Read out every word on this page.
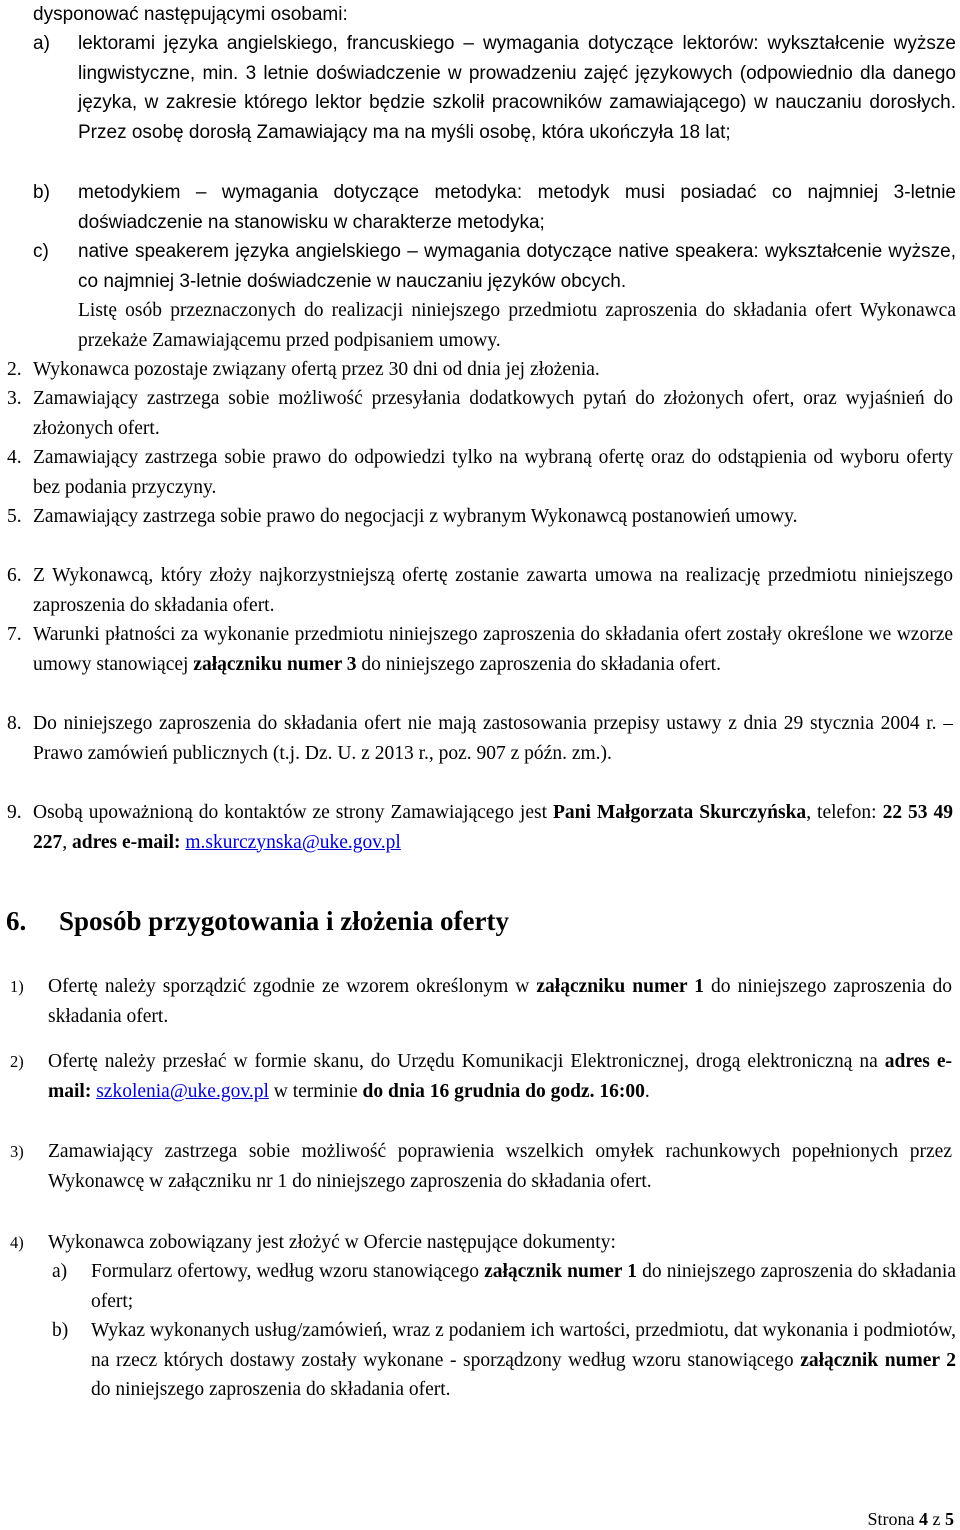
dysponować następującymi osobami:

a) lektorami języka angielskiego, francuskiego – wymagania dotyczące lektorów: wykształcenie wyższe lingwistyczne, min. 3 letnie doświadczenie w prowadzeniu zajęć językowych (odpowiednio dla danego języka, w zakresie którego lektor będzie szkolił pracowników zamawiającego) w nauczaniu dorosłych. Przez osobę dorosłą Zamawiający ma na myśli osobę, która ukończyła 18 lat;

b) metodykiem – wymagania dotyczące metodyka: metodyk musi posiadać co najmniej 3-letnie doświadczenie na stanowisku w charakterze metodyka;

c) native speakerem języka angielskiego – wymagania dotyczące native speakera: wykształcenie wyższe, co najmniej 3-letnie doświadczenie w nauczaniu języków obcych.

Listę osób przeznaczonych do realizacji niniejszego przedmiotu zaproszenia do składania ofert Wykonawca przekaże Zamawiającemu przed podpisaniem umowy.

2. Wykonawca pozostaje związany ofertą przez 30 dni od dnia jej złożenia.

3. Zamawiający zastrzega sobie możliwość przesyłania dodatkowych pytań do złożonych ofert, oraz wyjaśnień do złożonych ofert.

4. Zamawiający zastrzega sobie prawo do odpowiedzi tylko na wybraną ofertę oraz do odstąpienia od wyboru oferty bez podania przyczyny.

5. Zamawiający zastrzega sobie prawo do negocjacji z wybranym Wykonawcą postanowień umowy.

6. Z Wykonawcą, który złoży najkorzystniejszą ofertę zostanie zawarta umowa na realizację przedmiotu niniejszego zaproszenia do składania ofert.

7. Warunki płatności za wykonanie przedmiotu niniejszego zaproszenia do składania ofert zostały określone we wzorze umowy stanowiącej załączniku numer 3 do niniejszego zaproszenia do składania ofert.

8. Do niniejszego zaproszenia do składania ofert nie mają zastosowania przepisy ustawy z dnia 29 stycznia 2004 r. – Prawo zamówień publicznych (t.j. Dz. U. z 2013 r., poz. 907 z późn. zm.).

9. Osobą upoważnioną do kontaktów ze strony Zamawiającego jest Pani Małgorzata Skurczyńska, telefon: 22 53 49 227, adres e-mail: m.skurczynska@uke.gov.pl

6. Sposób przygotowania i złożenia oferty

1) Ofertę należy sporządzić zgodnie ze wzorem określonym w załączniku numer 1 do niniejszego zaproszenia do składania ofert.

2) Ofertę należy przesłać w formie skanu, do Urzędu Komunikacji Elektronicznej, drogą elektroniczną na adres e-mail: szkolenia@uke.gov.pl w terminie do dnia 16 grudnia do godz. 16:00.

3) Zamawiający zastrzega sobie możliwość poprawienia wszelkich omyłek rachunkowych popełnionych przez Wykonawcę w załączniku nr 1 do niniejszego zaproszenia do składania ofert.

4) Wykonawca zobowiązany jest złożyć w Ofercie następujące dokumenty:

a) Formularz ofertowy, według wzoru stanowiącego załącznik numer 1 do niniejszego zaproszenia do składania ofert;

b) Wykaz wykonanych usług/zamówień, wraz z podaniem ich wartości, przedmiotu, dat wykonania i podmiotów, na rzecz których dostawy zostały wykonane - sporządzony według wzoru stanowiącego załącznik numer 2 do niniejszego zaproszenia do składania ofert.

Strona 4 z 5
